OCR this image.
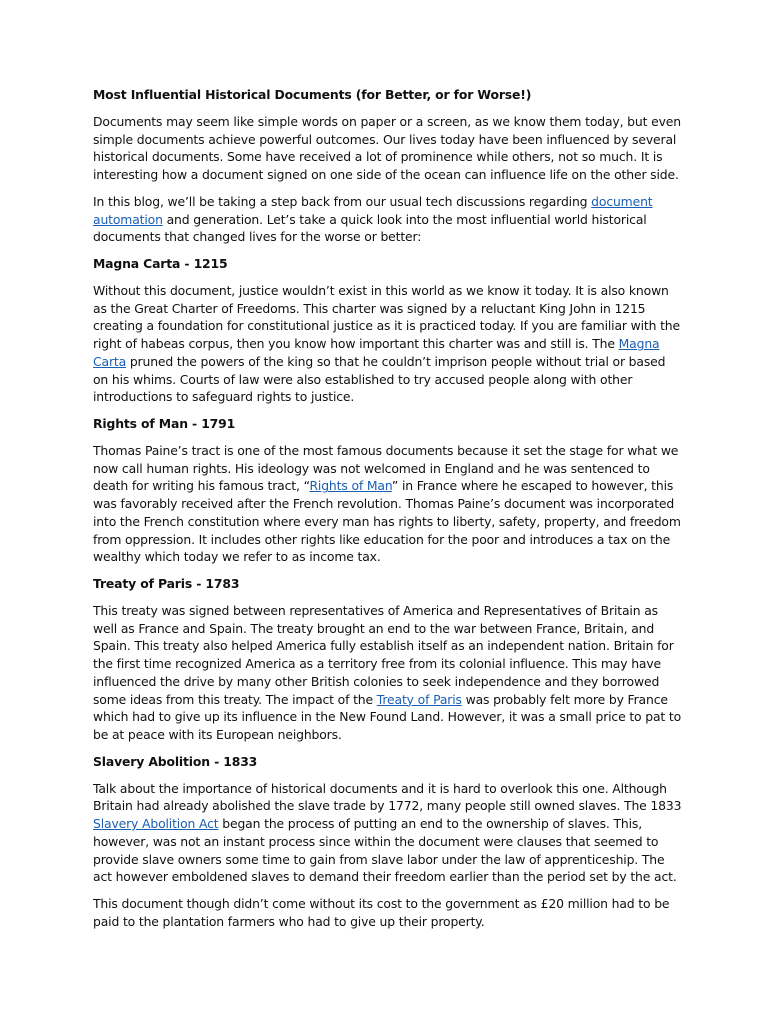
Most Influential Historical Documents (for Better, or for Worse!)

Documents may seem like simple words on paper or a screen, as we know them today, but even simple documents achieve powerful outcomes. Our lives today have been influenced by several historical documents. Some have received a lot of prominence while others, not so much. It is interesting how a document signed on one side of the ocean can influence life on the other side.

In this blog, we’ll be taking a step back from our usual tech discussions regarding document automation and generation. Let’s take a quick look into the most influential world historical documents that changed lives for the worse or better:

Magna Carta - 1215

Without this document, justice wouldn’t exist in this world as we know it today. It is also known as the Great Charter of Freedoms. This charter was signed by a reluctant King John in 1215 creating a foundation for constitutional justice as it is practiced today. If you are familiar with the right of habeas corpus, then you know how important this charter was and still is. The Magna Carta pruned the powers of the king so that he couldn’t imprison people without trial or based on his whims. Courts of law were also established to try accused people along with other introductions to safeguard rights to justice.

Rights of Man - 1791

Thomas Paine’s tract is one of the most famous documents because it set the stage for what we now call human rights. His ideology was not welcomed in England and he was sentenced to death for writing his famous tract, “Rights of Man” in France where he escaped to however, this was favorably received after the French revolution. Thomas Paine’s document was incorporated into the French constitution where every man has rights to liberty, safety, property, and freedom from oppression. It includes other rights like education for the poor and introduces a tax on the wealthy which today we refer to as income tax.

Treaty of Paris - 1783

This treaty was signed between representatives of America and Representatives of Britain as well as France and Spain. The treaty brought an end to the war between France, Britain, and Spain. This treaty also helped America fully establish itself as an independent nation. Britain for the first time recognized America as a territory free from its colonial influence. This may have influenced the drive by many other British colonies to seek independence and they borrowed some ideas from this treaty. The impact of the Treaty of Paris was probably felt more by France which had to give up its influence in the New Found Land. However, it was a small price to pat to be at peace with its European neighbors.

Slavery Abolition - 1833

Talk about the importance of historical documents and it is hard to overlook this one. Although Britain had already abolished the slave trade by 1772, many people still owned slaves. The 1833 Slavery Abolition Act began the process of putting an end to the ownership of slaves. This, however, was not an instant process since within the document were clauses that seemed to provide slave owners some time to gain from slave labor under the law of apprenticeship. The act however emboldened slaves to demand their freedom earlier than the period set by the act.

This document though didn’t come without its cost to the government as £20 million had to be paid to the plantation farmers who had to give up their property.
